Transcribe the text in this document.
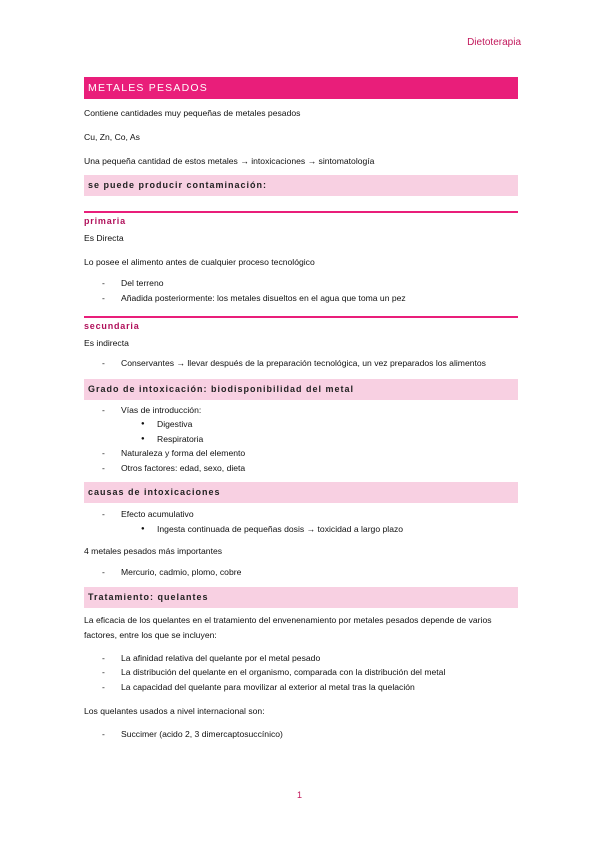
Dietoterapia
METALES PESADOS

Contiene cantidades muy pequeñas de metales pesados

Cu, Zn, Co, As

Una pequeña cantidad de estos metales → intoxicaciones → sintomatología

se puede producir contaminación:
primaria

Es Directa

Lo posee el alimento antes de cualquier proceso tecnológico

- Del terreno
- Añadida posteriormente: los metales disueltos en el agua que toma un pez
secundaria

Es indirecta

- Conservantes → llevar después de la preparación tecnológica, un vez preparados los alimentos
Grado de intoxicación: biodisponibilidad del metal
- Vías de introducción:
● Digestiva
● Respiratoria
- Naturaleza y forma del elemento
- Otros factores: edad, sexo, dieta
causas de intoxicaciones
- Efecto acumulativo
● Ingesta continuada de pequeñas dosis → toxicidad a largo plazo

4 metales pesados más importantes

- Mercurio, cadmio, plomo, cobre
Tratamiento: quelantes

La eficacia de los quelantes en el tratamiento del envenenamiento por metales pesados depende de varios factores, entre los que se incluyen:

- La afinidad relativa del quelante por el metal pesado
- La distribución del quelante en el organismo, comparada con la distribución del metal
- La capacidad del quelante para movilizar al exterior al metal tras la quelación

Los quelantes usados a nivel internacional son:

- Succimer (acido 2, 3 dimercaptosuccínico)
1
